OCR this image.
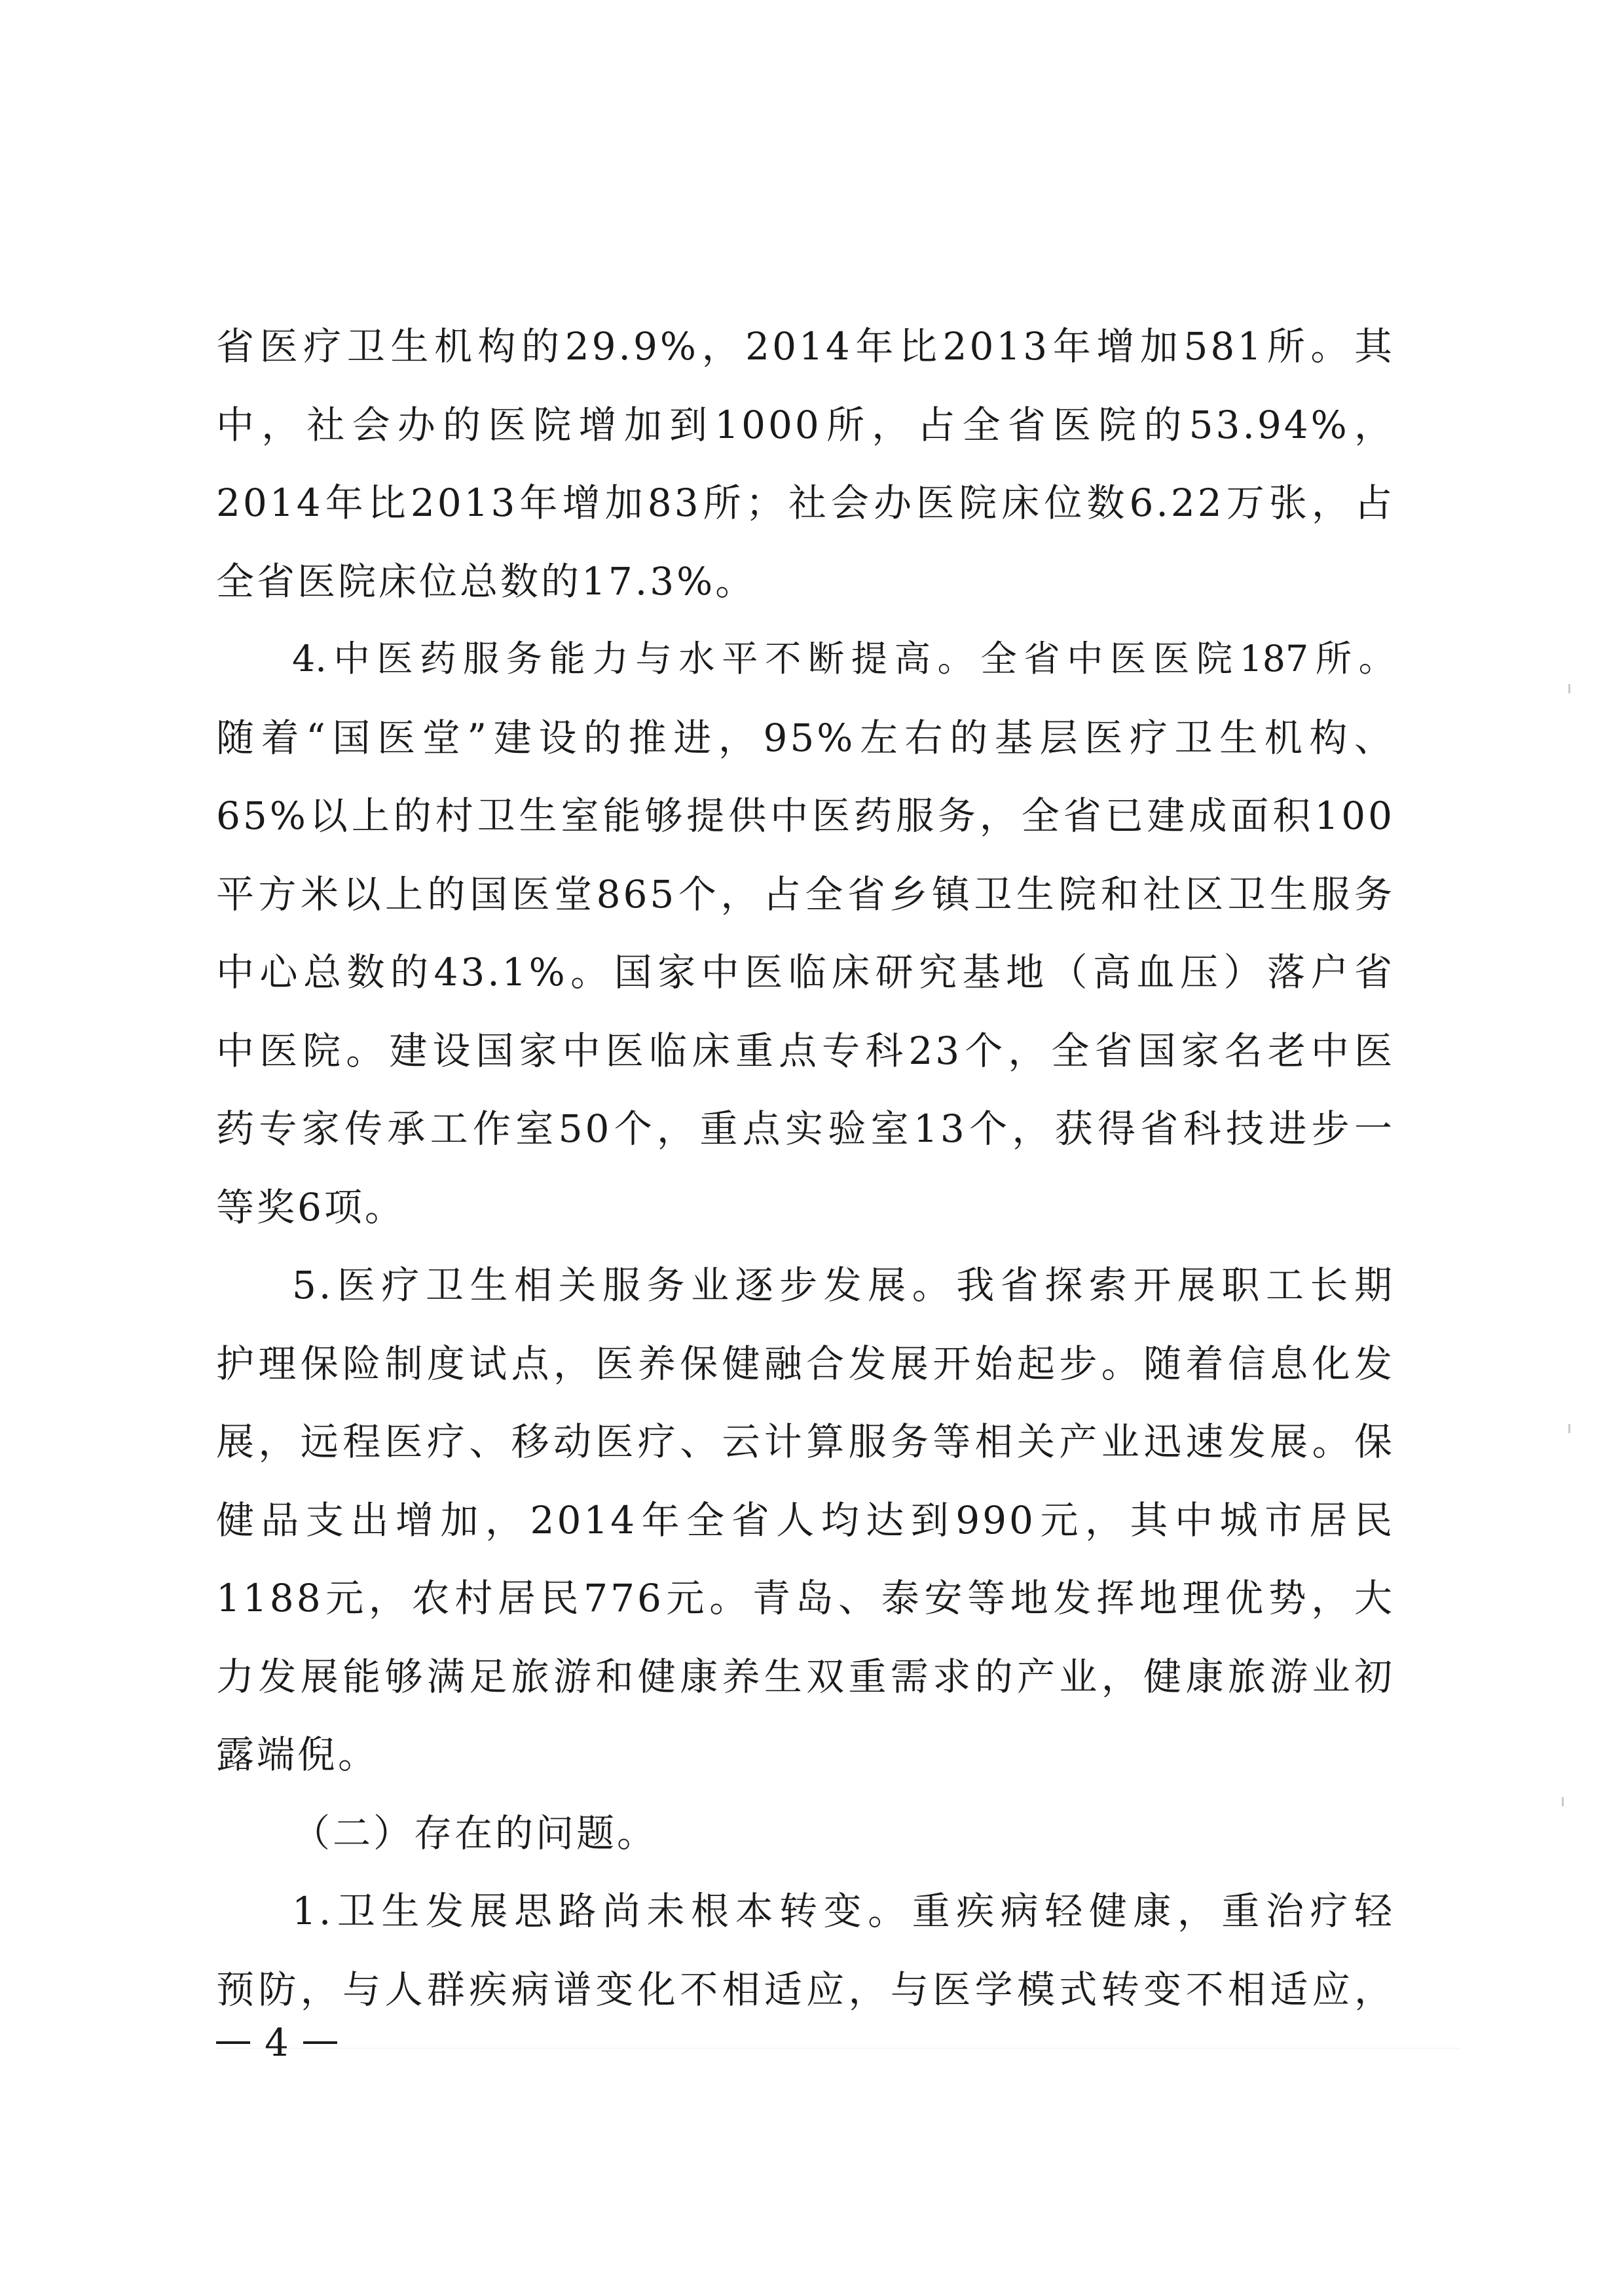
省医疗卫生机构的29.9%，2014年比2013年增加581所。其
中，社会办的医院增加到1000所，占全省医院的53.94%，
2014年比2013年增加83所；社会办医院床位数6.22万张，占
全省医院床位总数的17.3%。
4.中医药服务能力与水平不断提高。全省中医医院187所。
随着“国医堂”建设的推进，95%左右的基层医疗卫生机构、
65%以上的村卫生室能够提供中医药服务，全省已建成面积100
平方米以上的国医堂865个，占全省乡镇卫生院和社区卫生服务
中心总数的43.1%。国家中医临床研究基地（高血压）落户省
中医院。建设国家中医临床重点专科23个，全省国家名老中医
药专家传承工作室50个，重点实验室13个，获得省科技进步一
等奖6项。
5.医疗卫生相关服务业逐步发展。我省探索开展职工长期
护理保险制度试点，医养保健融合发展开始起步。随着信息化发
展，远程医疗、移动医疗、云计算服务等相关产业迅速发展。保
健品支出增加，2014年全省人均达到990元，其中城市居民
1188元，农村居民776元。青岛、泰安等地发挥地理优势，大
力发展能够满足旅游和健康养生双重需求的产业，健康旅游业初
露端倪。
（二）存在的问题。
1.卫生发展思路尚未根本转变。重疾病轻健康，重治疗轻
预防，与人群疾病谱变化不相适应，与医学模式转变不相适应，
4
